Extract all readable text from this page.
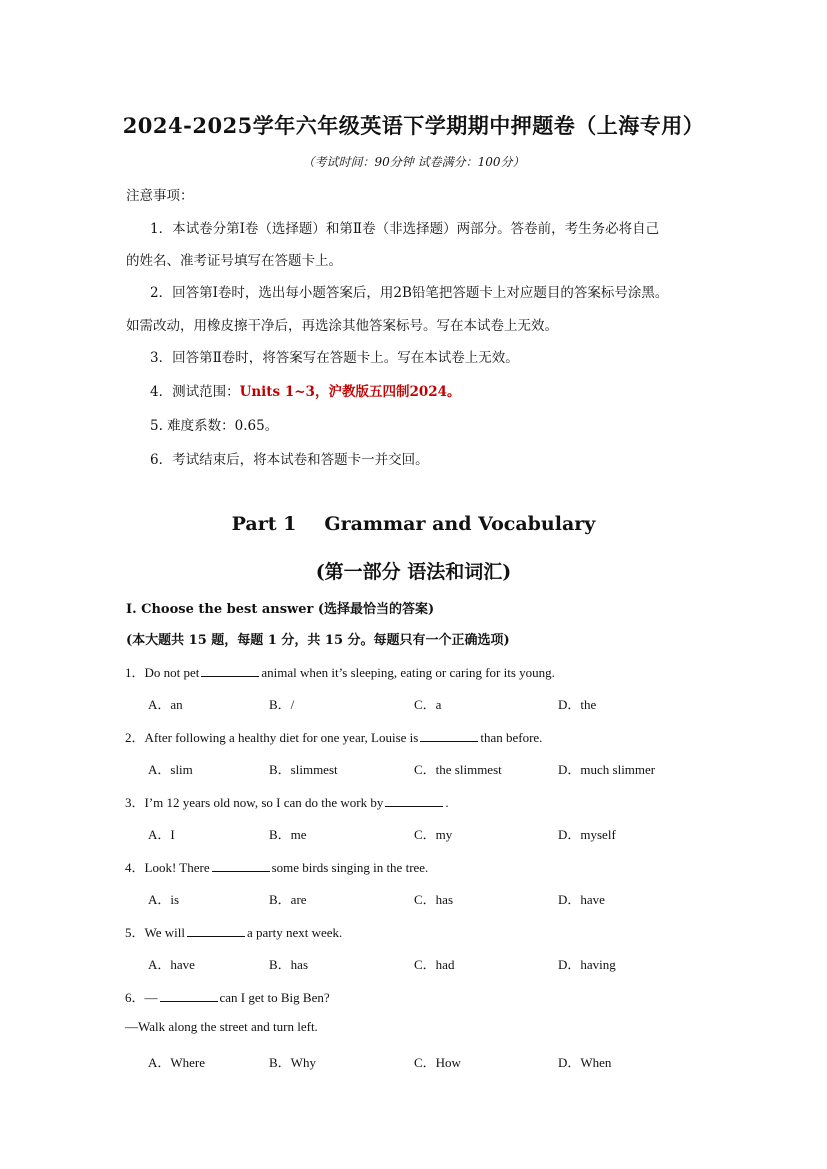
2024-2025学年六年级英语下学期期中押题卷（上海专用）
（考试时间：90分钟 试卷满分：100分）
注意事项：
1．本试卷分第Ⅰ卷（选择题）和第Ⅱ卷（非选择题）两部分。答卷前，考生务必将自己
的姓名、准考证号填写在答题卡上。
2．回答第Ⅰ卷时，选出每小题答案后，用2B铅笔把答题卡上对应题目的答案标号涂黑。
如需改动，用橡皮擦干净后，再选涂其他答案标号。写在本试卷上无效。
3．回答第Ⅱ卷时，将答案写在答题卡上。写在本试卷上无效。
4．测试范围：Units 1~3，沪教版五四制2024。
5. 难度系数：0.65。
6．考试结束后，将本试卷和答题卡一并交回。
Part 1 Grammar and Vocabulary
(第一部分 语法和词汇)
I. Choose the best answer (选择最恰当的答案)
(本大题共 15 题，每题 1 分，共 15 分。每题只有一个正确选项)
1．Do not pet	animal when it’s sleeping, eating or caring for its young.
A．an	B．/	C．a	D．the
2．After following a healthy diet for one year, Louise is	than before.
A．slim	B．slimmest	C．the slimmest	D．much slimmer
3．I’m 12 years old now, so I can do the work by	.
A．I	B．me	C．my	D．myself
4．Look! There	some birds singing in the tree.
A．is	B．are	C．has	D．have
5．We will	a party next week.
A．have	B．has	C．had	D．having
6．—	can I get to Big Ben?
—Walk along the street and turn left.
A．Where	B．Why	C．How	D．When
